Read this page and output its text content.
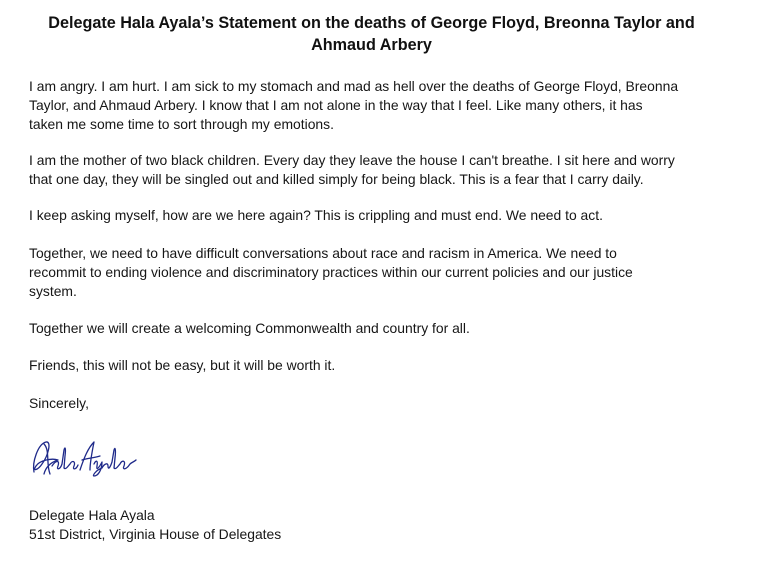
Delegate Hala Ayala’s Statement on the deaths of George Floyd, Breonna Taylor and
Ahmaud Arbery
I am angry. I am hurt. I am sick to my stomach and mad as hell over the deaths of George Floyd, Breonna
Taylor, and Ahmaud Arbery. I know that I am not alone in the way that I feel. Like many others, it has
taken me some time to sort through my emotions.
I am the mother of two black children. Every day they leave the house I can't breathe. I sit here and worry
that one day, they will be singled out and killed simply for being black. This is a fear that I carry daily.
I keep asking myself, how are we here again? This is crippling and must end. We need to act.
Together, we need to have difficult conversations about race and racism in America. We need to
recommit to ending violence and discriminatory practices within our current policies and our justice
system.
Together we will create a welcoming Commonwealth and country for all.
Friends, this will not be easy, but it will be worth it.
Sincerely,
Delegate Hala Ayala
51st District, Virginia House of Delegates
